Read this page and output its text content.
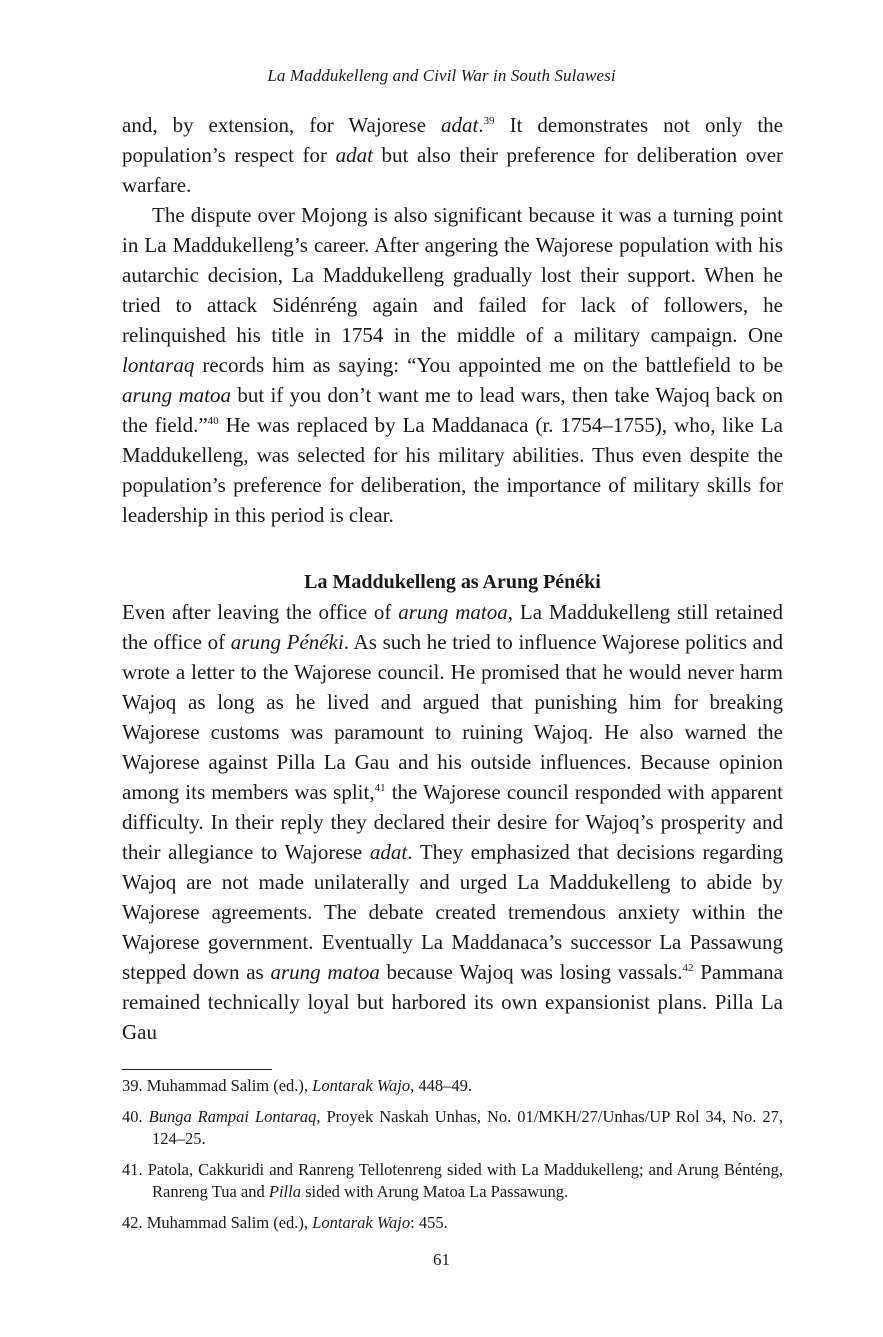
La Maddukelleng and Civil War in South Sulawesi

and, by extension, for Wajorese adat.$^{39}$ It demonstrates not only the population’s respect for adat but also their preference for deliberation over warfare.

The dispute over Mojong is also significant because it was a turning point in La Maddukelleng’s career. After angering the Wajorese population with his autarchic decision, La Maddukelleng gradually lost their support. When he tried to attack Sidénréng again and failed for lack of followers, he relinquished his title in 1754 in the middle of a military campaign. One lontaraq records him as saying: “You appointed me on the battlefield to be arung matoa but if you don’t want me to lead wars, then take Wajoq back on the field.”$^{40}$ He was replaced by La Maddanaca (r. 1754–1755), who, like La Maddukelleng, was selected for his military abilities. Thus even despite the population’s preference for deliberation, the importance of military skills for leadership in this period is clear.

La Maddukelleng as Arung Pénéki

Even after leaving the office of arung matoa, La Maddukelleng still retained the office of arung Pénéki. As such he tried to influence Wajorese politics and wrote a letter to the Wajorese council. He promised that he would never harm Wajoq as long as he lived and argued that punishing him for breaking Wajorese customs was paramount to ruining Wajoq. He also warned the Wajorese against Pilla La Gau and his outside influences. Because opinion among its members was split,$^{41}$ the Wajorese council responded with apparent difficulty. In their reply they declared their desire for Wajoq’s prosperity and their allegiance to Wajorese adat. They emphasized that decisions regarding Wajoq are not made unilaterally and urged La Maddukelleng to abide by Wajorese agreements. The debate created tremendous anxiety within the Wajorese government. Eventually La Maddanaca’s successor La Passawung stepped down as arung matoa because Wajoq was losing vassals.$^{42}$ Pammana remained technically loyal but harbored its own expansionist plans. Pilla La Gau

39. Muhammad Salim (ed.), Lontarak Wajo, 448–49.

40. Bunga Rampai Lontaraq, Proyek Naskah Unhas, No. 01/MKH/27/Unhas/UP Rol 34, No. 27, 124–25.

41. Patola, Cakkuridi and Ranreng Tellotenreng sided with La Maddukelleng; and Arung Bénténg, Ranreng Tua and Pilla sided with Arung Matoa La Passawung.

42. Muhammad Salim (ed.), Lontarak Wajo: 455.

61
